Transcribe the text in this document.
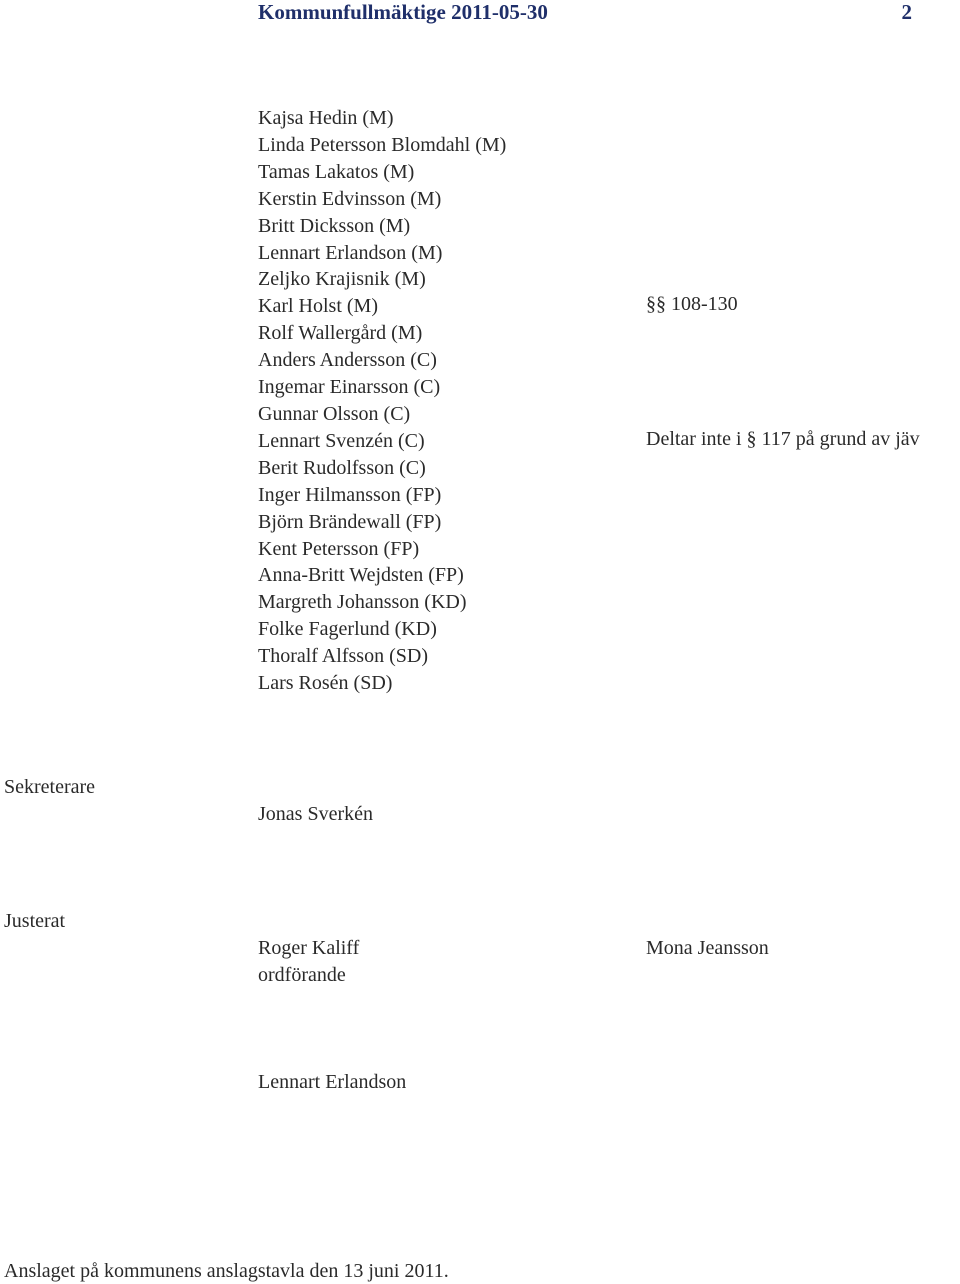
Kommunfullmäktige 2011-05-30	2
Kajsa Hedin (M)
Linda Petersson Blomdahl (M)
Tamas Lakatos (M)
Kerstin Edvinsson (M)
Britt Dicksson (M)
Lennart Erlandson (M)
Zeljko Krajisnik (M)
Karl Holst (M)
Rolf Wallergård (M)
Anders Andersson (C)
Ingemar Einarsson (C)
Gunnar Olsson (C)
Lennart Svenzén (C)
Berit Rudolfsson (C)
Inger Hilmansson (FP)
Björn Brändewall (FP)
Kent Petersson (FP)
Anna-Britt Wejdsten (FP)
Margreth Johansson (KD)
Folke Fagerlund (KD)
Thoralf Alfsson (SD)
Lars Rosén (SD)
§§ 108-130
Deltar inte i § 117 på grund av jäv
Sekreterare
Jonas Sverkén
Justerat
Roger Kaliff
ordförande
Mona Jeansson
Lennart Erlandson
Anslaget på kommunens anslagstavla den 13 juni 2011.
